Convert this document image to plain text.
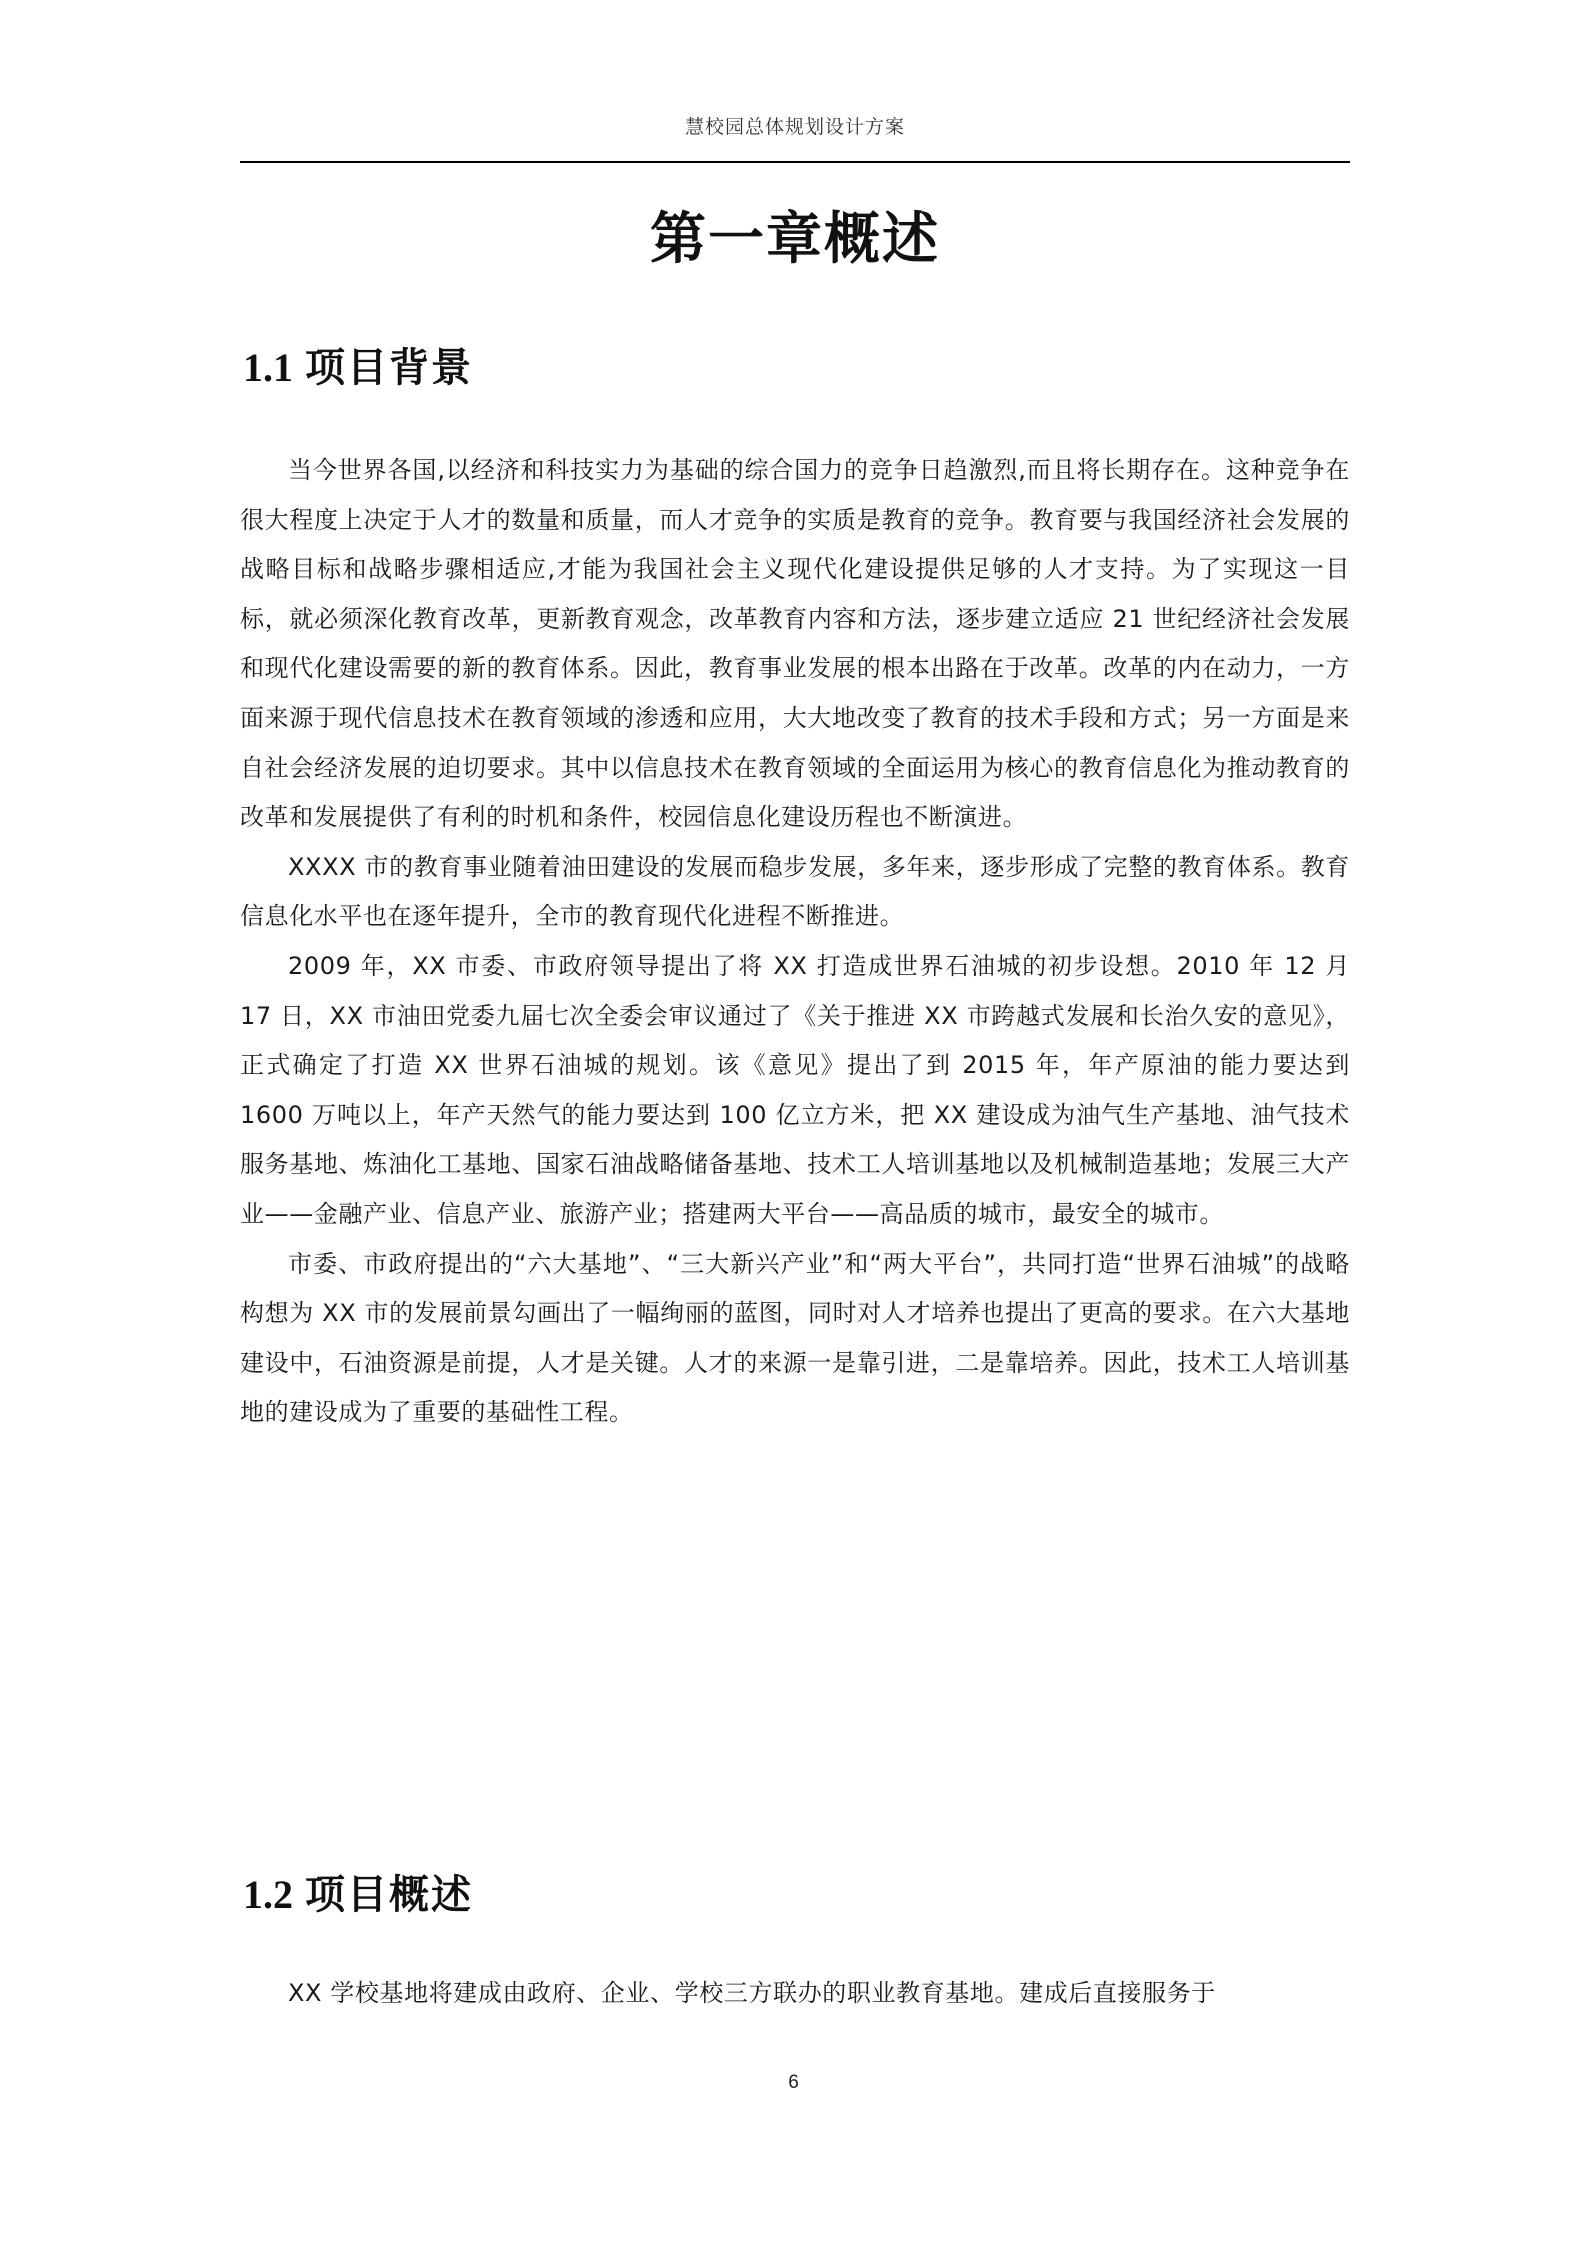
慧校园总体规划设计方案
第一章概述
1.1 项目背景

当今世界各国,以经济和科技实力为基础的综合国力的竞争日趋激烈,而且将长期存在。这种竞争在很大程度上决定于人才的数量和质量，而人才竞争的实质是教育的竞争。教育要与我国经济社会发展的战略目标和战略步骤相适应,才能为我国社会主义现代化建设提供足够的人才支持。为了实现这一目标，就必须深化教育改革，更新教育观念，改革教育内容和方法，逐步建立适应 21 世纪经济社会发展和现代化建设需要的新的教育体系。因此，教育事业发展的根本出路在于改革。改革的内在动力，一方面来源于现代信息技术在教育领域的渗透和应用，大大地改变了教育的技术手段和方式；另一方面是来自社会经济发展的迫切要求。其中以信息技术在教育领域的全面运用为核心的教育信息化为推动教育的改革和发展提供了有利的时机和条件，校园信息化建设历程也不断演进。

XXXX 市的教育事业随着油田建设的发展而稳步发展，多年来，逐步形成了完整的教育体系。教育信息化水平也在逐年提升，全市的教育现代化进程不断推进。

2009 年，XX 市委、市政府领导提出了将 XX 打造成世界石油城的初步设想。2010 年 12 月 17 日，XX 市油田党委九届七次全委会审议通过了《关于推进 XX 市跨越式发展和长治久安的意见》，正式确定了打造 XX 世界石油城的规划。该《意见》提出了到 2015 年，年产原油的能力要达到 1600 万吨以上，年产天然气的能力要达到 100 亿立方米，把 XX 建设成为油气生产基地、油气技术服务基地、炼油化工基地、国家石油战略储备基地、技术工人培训基地以及机械制造基地；发展三大产业——金融产业、信息产业、旅游产业；搭建两大平台——高品质的城市，最安全的城市。

市委、市政府提出的“六大基地”、“三大新兴产业”和“两大平台”，共同打造“世界石油城”的战略构想为 XX 市的发展前景勾画出了一幅绚丽的蓝图，同时对人才培养也提出了更高的要求。在六大基地建设中，石油资源是前提，人才是关键。人才的来源一是靠引进，二是靠培养。因此，技术工人培训基地的建设成为了重要的基础性工程。

1.2 项目概述

XX 学校基地将建成由政府、企业、学校三方联办的职业教育基地。建成后直接服务于

6
